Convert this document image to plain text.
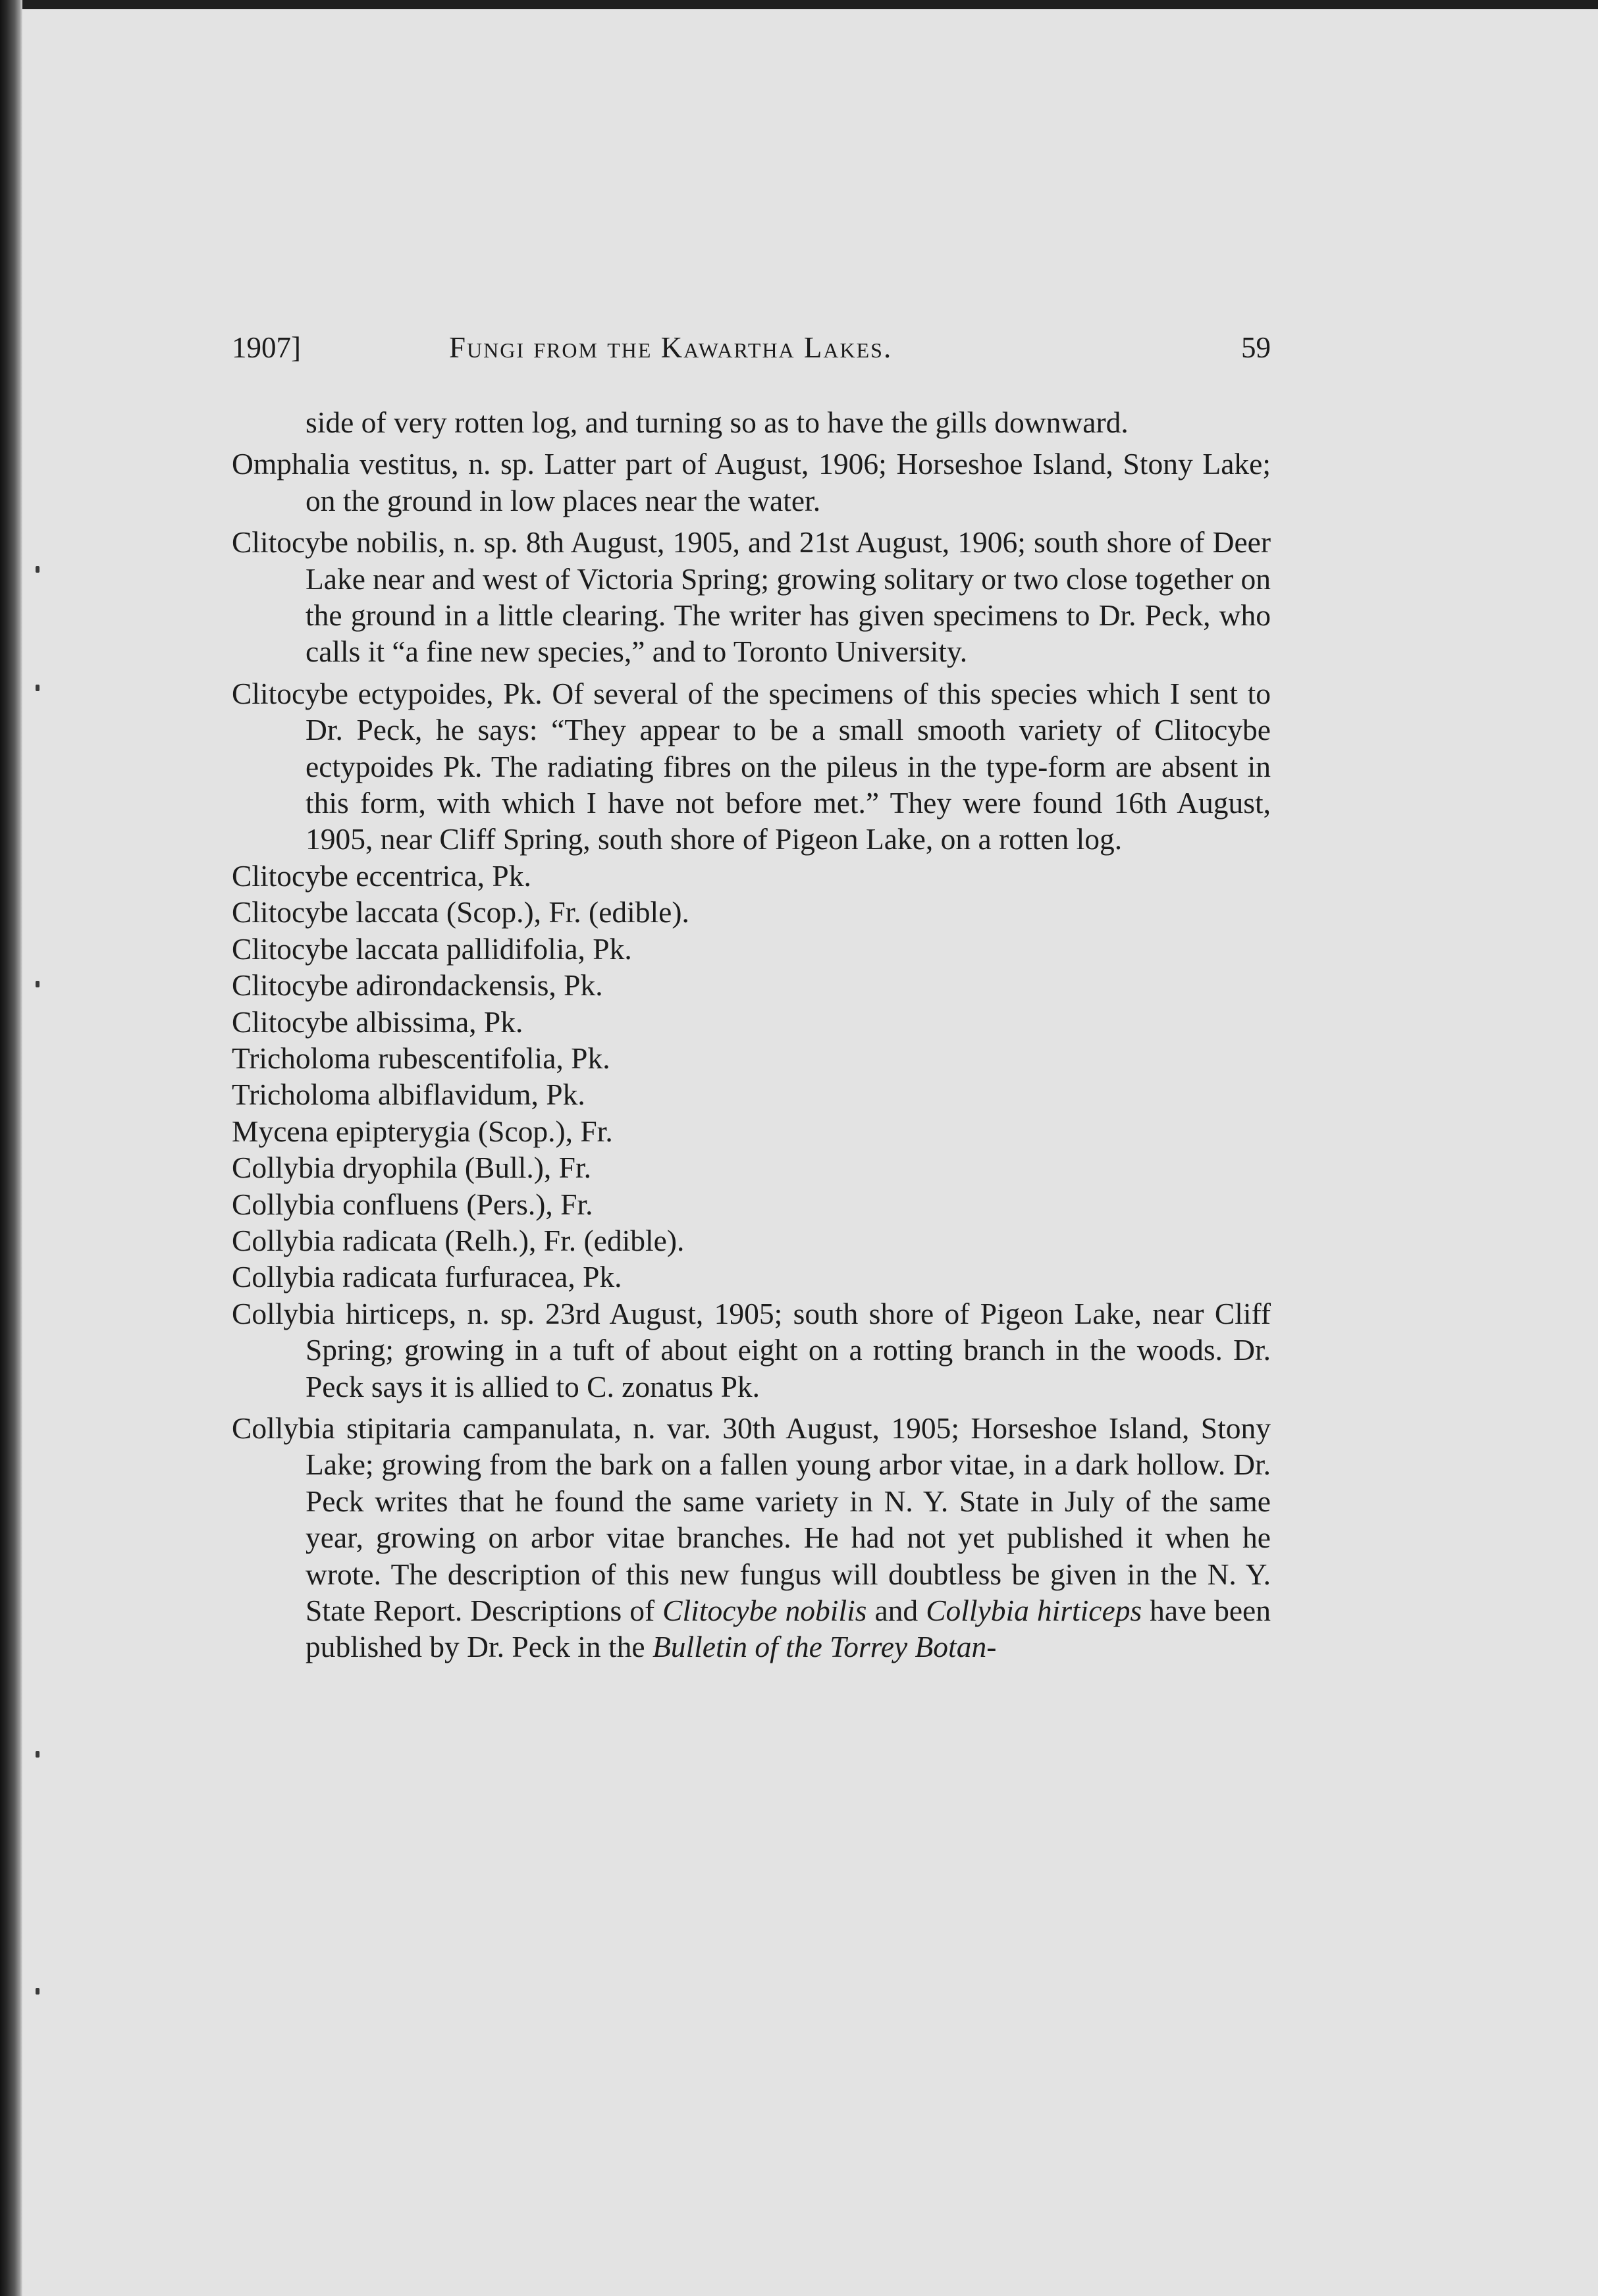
1907]	Fungi from the Kawartha Lakes.	59

side of very rotten log, and turning so as to have the gills downward.

Omphalia vestitus, n. sp. Latter part of August, 1906; Horseshoe Island, Stony Lake; on the ground in low places near the water.

Clitocybe nobilis, n. sp. 8th August, 1905, and 21st August, 1906; south shore of Deer Lake near and west of Victoria Spring; growing solitary or two close together on the ground in a little clearing. The writer has given specimens to Dr. Peck, who calls it “a fine new species,” and to Toronto University.

Clitocybe ectypoides, Pk. Of several of the specimens of this species which I sent to Dr. Peck, he says: “They appear to be a small smooth variety of Clitocybe ectypoides Pk. The radiating fibres on the pileus in the type-form are absent in this form, with which I have not before met.” They were found 16th August, 1905, near Cliff Spring, south shore of Pigeon Lake, on a rotten log.

Clitocybe eccentrica, Pk.

Clitocybe laccata (Scop.), Fr. (edible).

Clitocybe laccata pallidifolia, Pk.

Clitocybe adirondackensis, Pk.

Clitocybe albissima, Pk.

Tricholoma rubescentifolia, Pk.

Tricholoma albiflavidum, Pk.

Mycena epipterygia (Scop.), Fr.

Collybia dryophila (Bull.), Fr.

Collybia confluens (Pers.), Fr.

Collybia radicata (Relh.), Fr. (edible).

Collybia radicata furfuracea, Pk.

Collybia hirticeps, n. sp. 23rd August, 1905; south shore of Pigeon Lake, near Cliff Spring; growing in a tuft of about eight on a rotting branch in the woods. Dr. Peck says it is allied to C. zonatus Pk.

Collybia stipitaria campanulata, n. var. 30th August, 1905; Horseshoe Island, Stony Lake; growing from the bark on a fallen young arbor vitae, in a dark hollow. Dr. Peck writes that he found the same variety in N. Y. State in July of the same year, growing on arbor vitae branches. He had not yet published it when he wrote. The description of this new fungus will doubtless be given in the N. Y. State Report. Descriptions of Clitocybe nobilis and Collybia hirticeps have been published by Dr. Peck in the Bulletin of the Torrey Botan-
